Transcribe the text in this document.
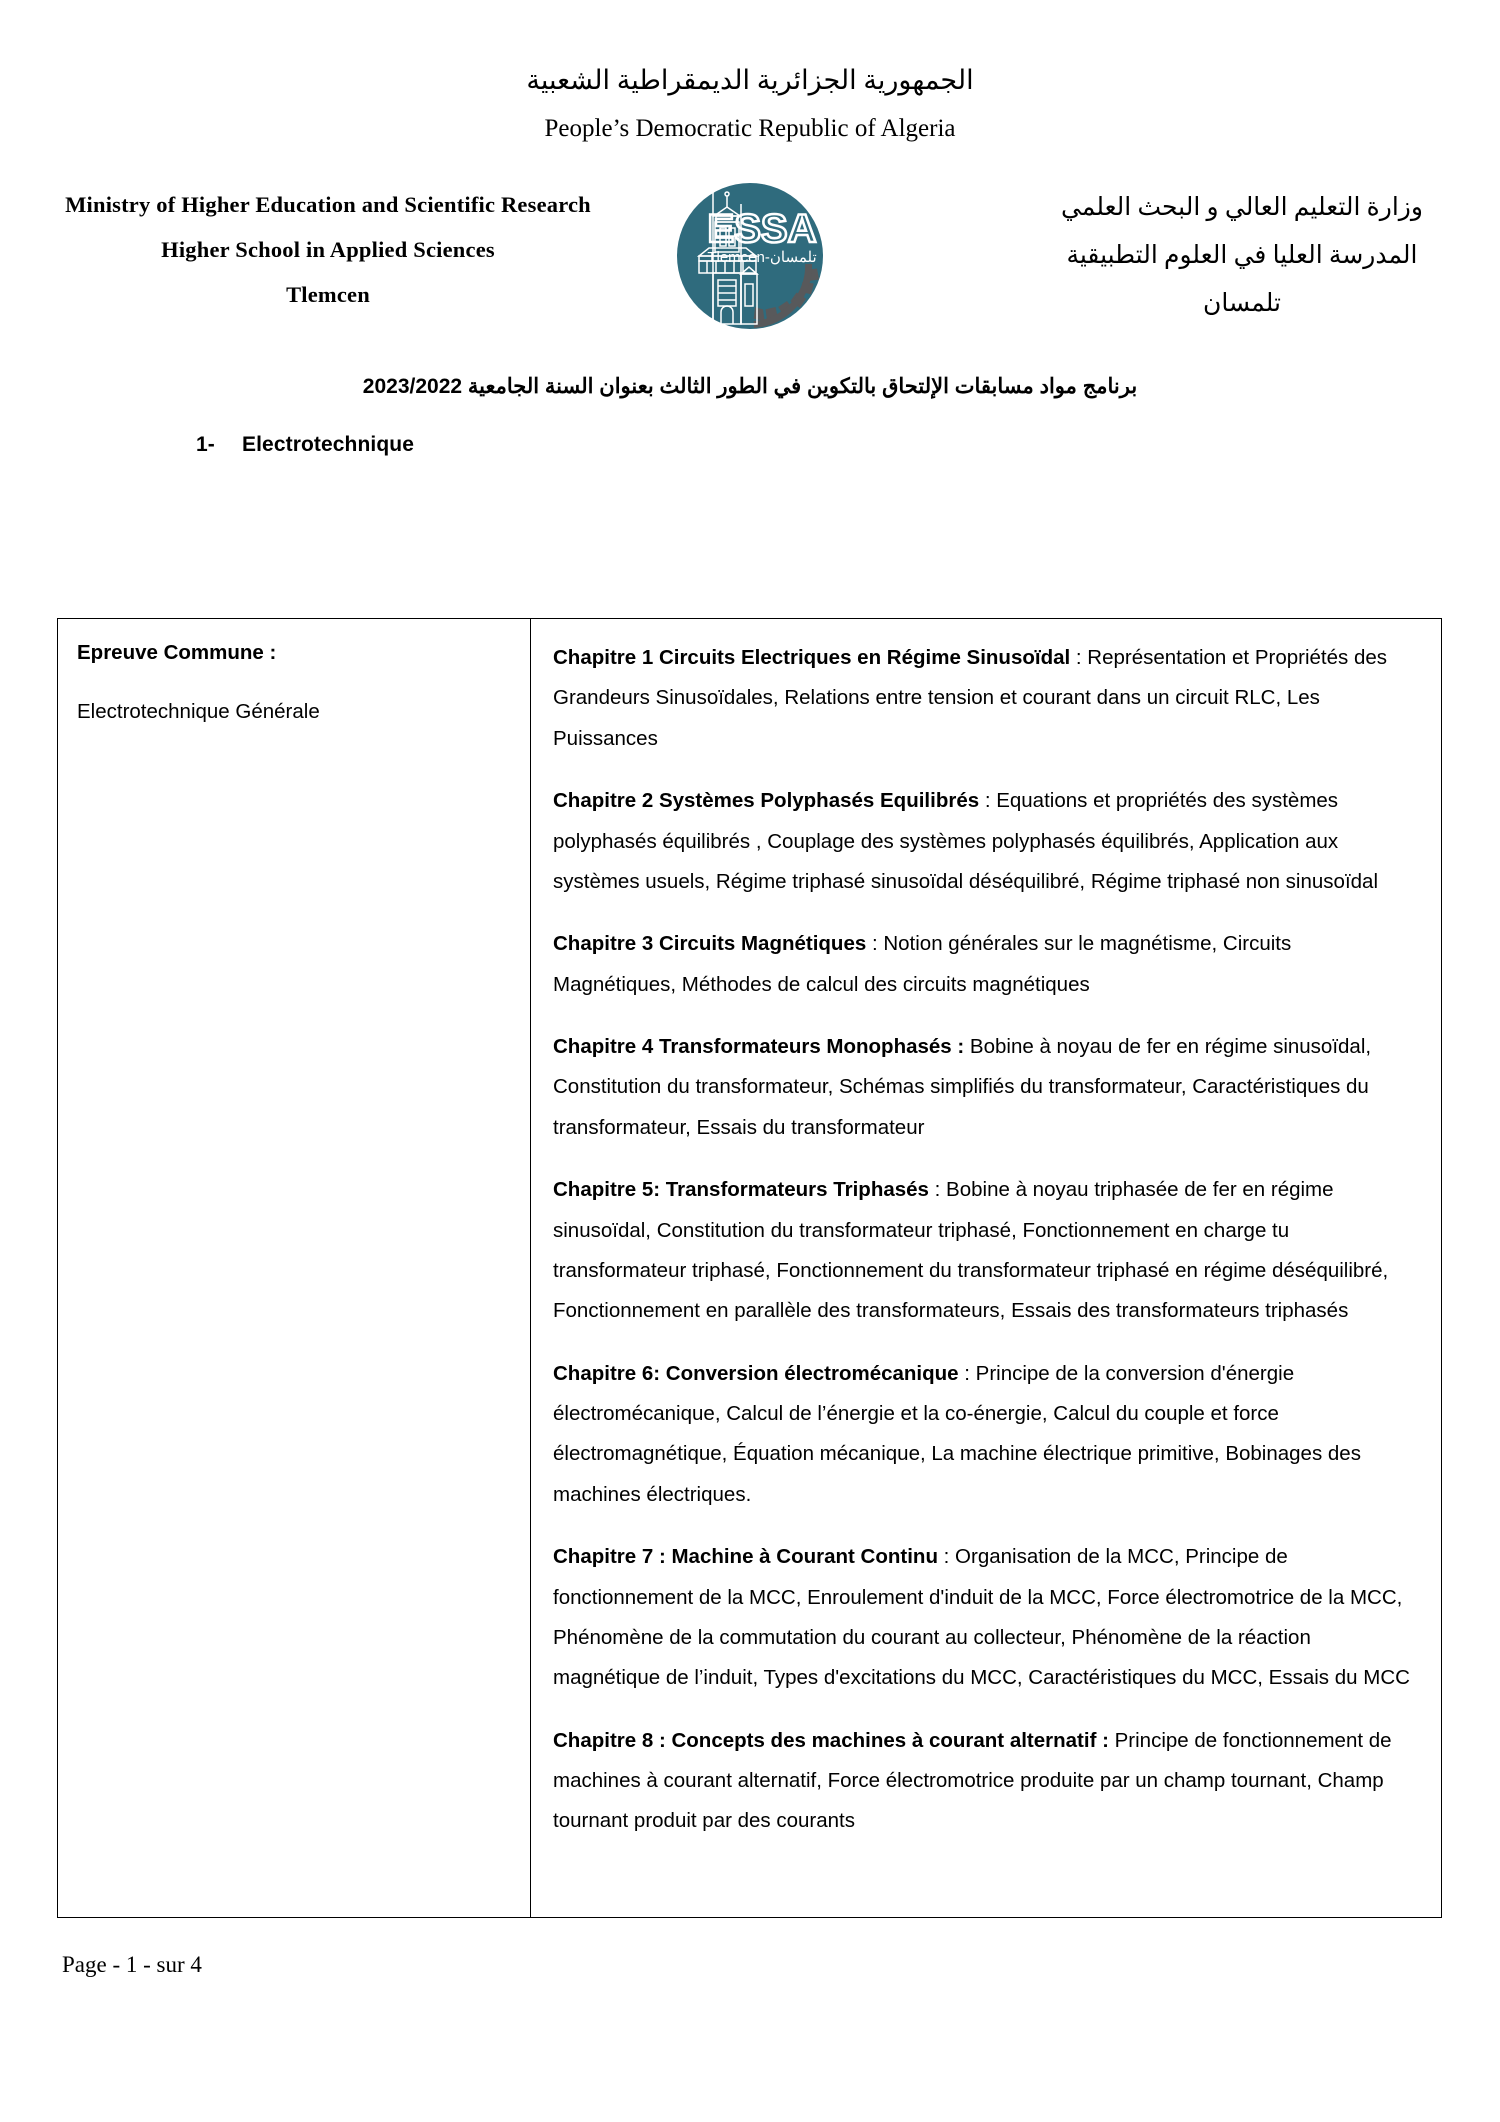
الجمهورية الجزائرية الديمقراطية الشعبية
People’s Democratic Republic of Algeria
Ministry of Higher Education and Scientific Research
Higher School in Applied Sciences
Tlemcen
ESSA
Tlemcen-تلمسان
وزارة التعليم العالي و البحث العلمي
المدرسة العليا في العلوم التطبيقية
تلمسان
برنامج مواد مسابقات الإلتحاق بالتكوين في الطور الثالث بعنوان السنة الجامعية 2023/2022
1- Electrotechnique
Epreuve Commune :
Electrotechnique Générale
Chapitre 1 Circuits Electriques en Régime Sinusoïdal : Représentation et Propriétés des Grandeurs Sinusoïdales, Relations entre tension et courant dans un circuit RLC, Les Puissances
Chapitre 2 Systèmes Polyphasés Equilibrés : Equations et propriétés des systèmes polyphasés équilibrés , Couplage des systèmes polyphasés équilibrés, Application aux systèmes usuels, Régime triphasé sinusoïdal déséquilibré, Régime triphasé non sinusoïdal
Chapitre 3 Circuits Magnétiques : Notion générales sur le magnétisme, Circuits Magnétiques, Méthodes de calcul des circuits magnétiques
Chapitre 4 Transformateurs Monophasés : Bobine à noyau de fer en régime sinusoïdal, Constitution du transformateur, Schémas simplifiés du transformateur, Caractéristiques du transformateur, Essais du transformateur
Chapitre 5: Transformateurs Triphasés : Bobine à noyau triphasée de fer en régime sinusoïdal, Constitution du transformateur triphasé, Fonctionnement en charge tu transformateur triphasé, Fonctionnement du transformateur triphasé en régime déséquilibré, Fonctionnement en parallèle des transformateurs, Essais des transformateurs triphasés
Chapitre 6: Conversion électromécanique : Principe de la conversion d'énergie électromécanique, Calcul de l’énergie et la co-énergie, Calcul du couple et force électromagnétique, Équation mécanique, La machine électrique primitive, Bobinages des machines électriques.
Chapitre 7 : Machine à Courant Continu : Organisation de la MCC, Principe de fonctionnement de la MCC, Enroulement d'induit de la MCC, Force électromotrice de la MCC, Phénomène de la commutation du courant au collecteur, Phénomène de la réaction magnétique de l’induit, Types d'excitations du MCC, Caractéristiques du MCC, Essais du MCC
Chapitre 8 : Concepts des machines à courant alternatif : Principe de fonctionnement de machines à courant alternatif, Force électromotrice produite par un champ tournant, Champ tournant produit par des courants
Page - 1 - sur 4
